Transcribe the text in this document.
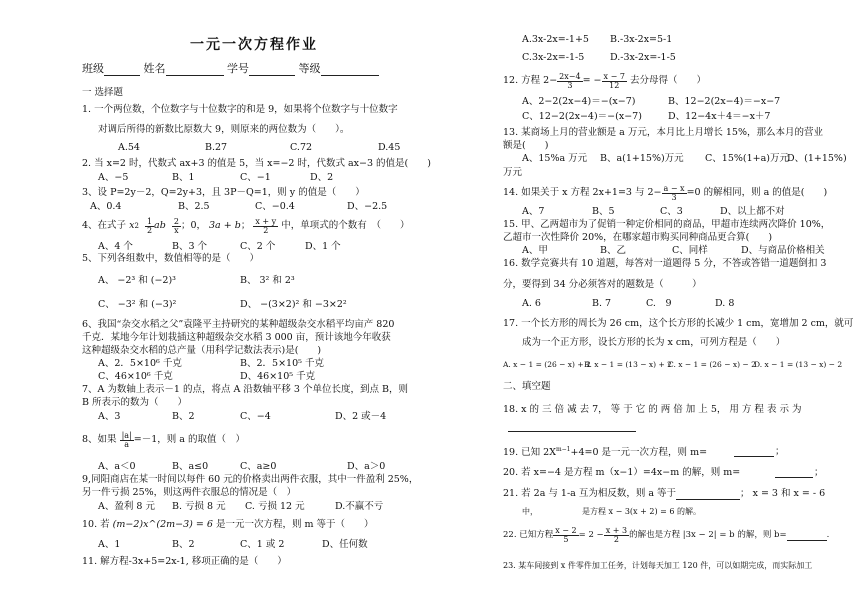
一元一次方程作业
班级	姓名	学号	等级
一 选择题
1. 一个两位数，个位数字与十位数字的和是 9，如果将个位数字与十位数字
对调后所得的新数比原数大 9，则原来的两位数为（　　）。
A.54	B.27	C.72	D.45
2. 当 x=2 时，代数式 ax+3 的值是 5，当 x=−2 时，代数式 ax−3 的值是(　　)
A、−5	B、1	C、−1	D、2
3、设 P=2y－2，Q=2y+3，且 3P－Q=1，则 y 的值是（　　）
A、0.4	B、2.5	C、−0.4	D、−2.5
4、在式子
x 2
$\frac{1}{2}$ ab
$\frac{2}{x}$ ；0， 3a + b ； $\frac{x + y}{2}$
中，单项式的个数有　（　　）
A、4 个	B、3 个	C、2 个	D、1 个
5、下列各组数中，数值相等的是（　　）
A、 −2³ 和 (−2)³	B、 3² 和 2³
C、 −3² 和 (−3)²	D、 −(3×2)² 和 −3×2²
6、我国“杂交水稻之父”袁隆平主持研究的某种超级杂交水稻平均亩产 820
千克．某地今年计划栽插这种超级杂交水稻 3 000 亩，预计该地今年收获
这种超级杂交水稻的总产量（用科学记数法表示)是(　　)
A、2．5×10⁶ 千克	B、2．5×10⁵ 千克
C、46×10⁶ 千克	D、46×10⁵ 千克
7、A 为数轴上表示－1 的点，将点 A 沿数轴平移 3 个单位长度，到点 B，则
B 所表示的数为（　　）
A、3	B、2	C、−4	D、2 或－4
8、如果
$\frac{|a|}{a} =-1$，则 a 的取值（　）
A、a＜0	B、a≤0	C、a≥0	D、a＞0
9,同阳商店在某一时间以每件 60 元的价格卖出两件衣服，其中一件盈利 25%，
另一件亏损 25%，则这两件衣服总的情况是（　）
A、盈利 8 元 B. 亏损 8 元 C. 亏损 12 元	D.不赢不亏
10. 若 (m−2)x^(2m−3) = 6 是一元一次方程，则 m 等于（　　）
A、1	B、2	C、1 或 2	D、任何数
11. 解方程-3x+5=2x-1, 移项正确的是（　　）
A.3x-2x=-1+5 B.-3x-2x=5-1
C.3x-2x=-1-5	D.-3x-2x=-1-5
12. 方程 $2- \frac{2x-4}{3}$ = − $\frac{x - 7}{12}$
去分母得（　　）
A、2−2(2x−4)＝−(x−7)	B、12−2(2x−4)＝−x−7
C、12−2(2x−4)＝−(x−7)	D、12−4x＋4＝−x＋7
13. 某商场上月的营业额是 a 万元，本月比上月增长 15%，那么本月的营业
额是(　　)
A、15%a 万元 B、a(1+15%)万元 C、15%(1+a)万元
D、(1+15%)
万元
14. 如果关于 x 方程 2x+1=3 与 $2- \frac{a - x}{3} =0$ 的解相同，则 a 的值是(　　)
A、7	B、5	C、3	D、以上都不对
15. 甲、乙两超市为了促销一种定价相同的商品，甲超市连续两次降价 10%，
乙超市一次性降价 20%，在哪家超市购买同种商品更合算(　　)
A、甲	B、乙	C、同样	D、与商品价格相关
16. 数学竞赛共有 10 道题，每答对一道题得 5 分，不答或答错一道题倒扣 3
分，要得到 34 分必须答对的题数是（　　　）
A. 6	B. 7	C.　9	D. 8
17. 一个长方形的周长为 26 cm，这个长方形的长减少 1 cm，宽增加 2 cm，就可
成为一个正方形，设长方形的长为 x cm，可列方程是（　　）
A. x − 1 = (26 − x) + 2
B. x − 1 = (13 − x) + 2
C. x − 1 = (26 − x) − 2
D. x − 1 = (13 − x) − 2
二、填空题
18. x 的 三 倍 减 去 7， 等 于 它 的 两 倍 加 上 5， 用 方 程 表 示 为
19. 已知 $2X^{m-1}+4=0$ 是一元一次方程，则 m=	；
20. 若 x=−4 是方程 m（x−1）=4x−m 的解，则 m=	；
21. 若 2a 与 1-a 互为相反数，则 a 等于	； x = 3 和 x = - 6
中，　　　　　　是方程 x − 3(x + 2) = 6 的解。
22. 已知方程 $\frac{x - 2}{5} = 2 - \frac{x + 3}{2}$ 的解也是方程 |3x − 2| = b 的解，则 b=	.
23. 某车间接到 x 件零件加工任务，计划每天加工 120 件，可以如期完成，而实际加工
